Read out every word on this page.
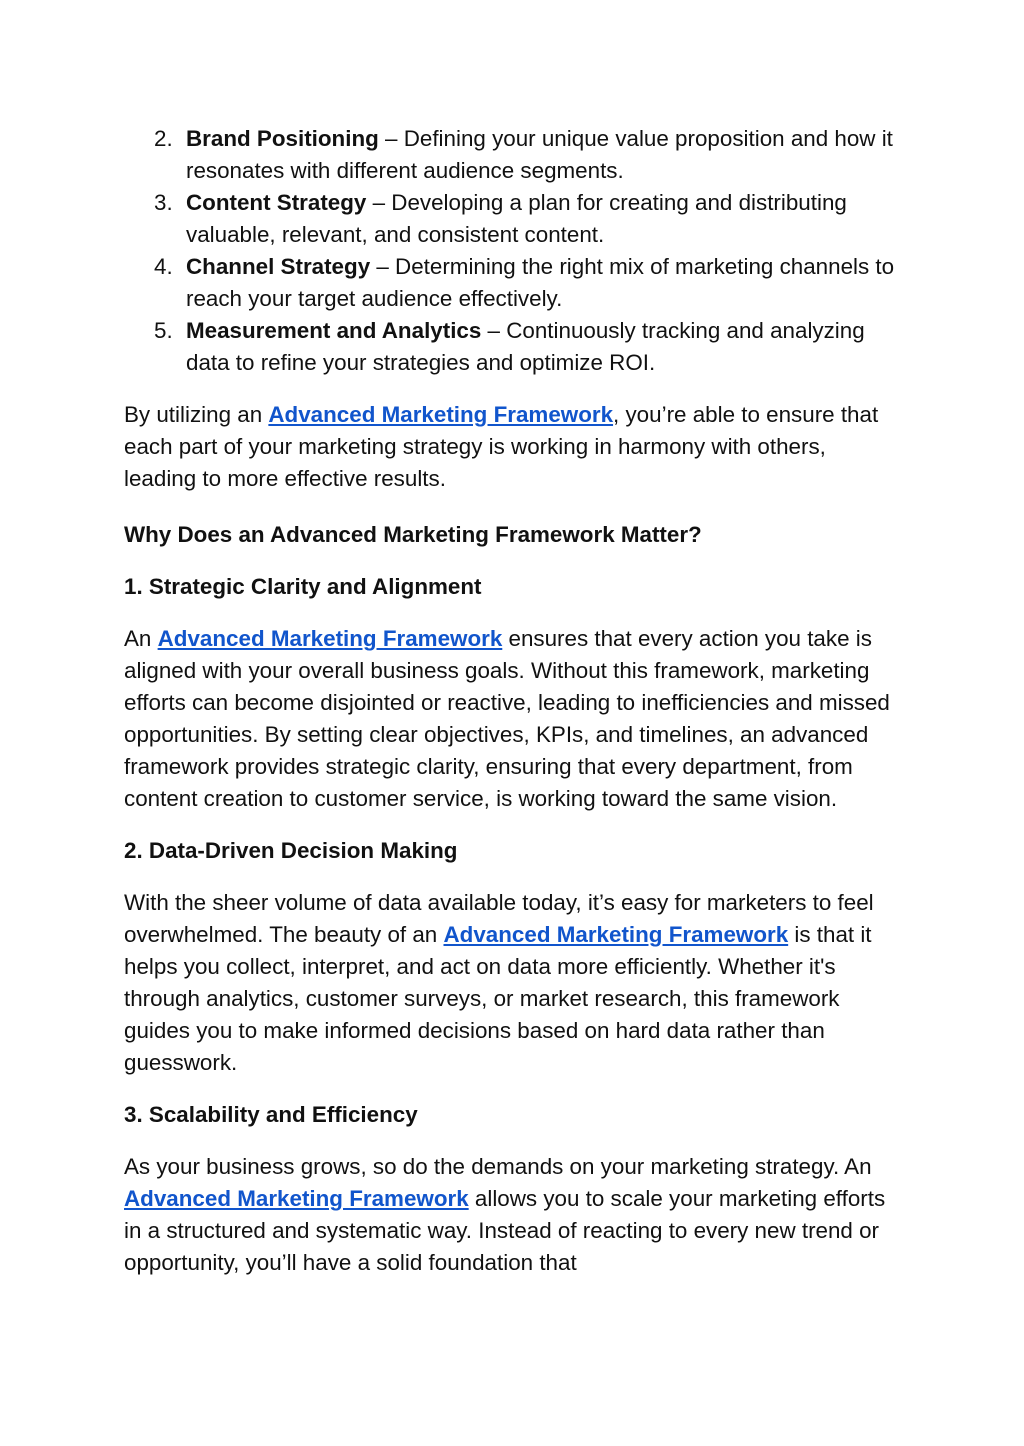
2. Brand Positioning – Defining your unique value proposition and how it resonates with different audience segments.
3. Content Strategy – Developing a plan for creating and distributing valuable, relevant, and consistent content.
4. Channel Strategy – Determining the right mix of marketing channels to reach your target audience effectively.
5. Measurement and Analytics – Continuously tracking and analyzing data to refine your strategies and optimize ROI.

By utilizing an Advanced Marketing Framework, you’re able to ensure that each part of your marketing strategy is working in harmony with others, leading to more effective results.

Why Does an Advanced Marketing Framework Matter?

1. Strategic Clarity and Alignment

An Advanced Marketing Framework ensures that every action you take is aligned with your overall business goals. Without this framework, marketing efforts can become disjointed or reactive, leading to inefficiencies and missed opportunities. By setting clear objectives, KPIs, and timelines, an advanced framework provides strategic clarity, ensuring that every department, from content creation to customer service, is working toward the same vision.

2. Data-Driven Decision Making

With the sheer volume of data available today, it’s easy for marketers to feel overwhelmed. The beauty of an Advanced Marketing Framework is that it helps you collect, interpret, and act on data more efficiently. Whether it's through analytics, customer surveys, or market research, this framework guides you to make informed decisions based on hard data rather than guesswork.

3. Scalability and Efficiency

As your business grows, so do the demands on your marketing strategy. An Advanced Marketing Framework allows you to scale your marketing efforts in a structured and systematic way. Instead of reacting to every new trend or opportunity, you’ll have a solid foundation that
